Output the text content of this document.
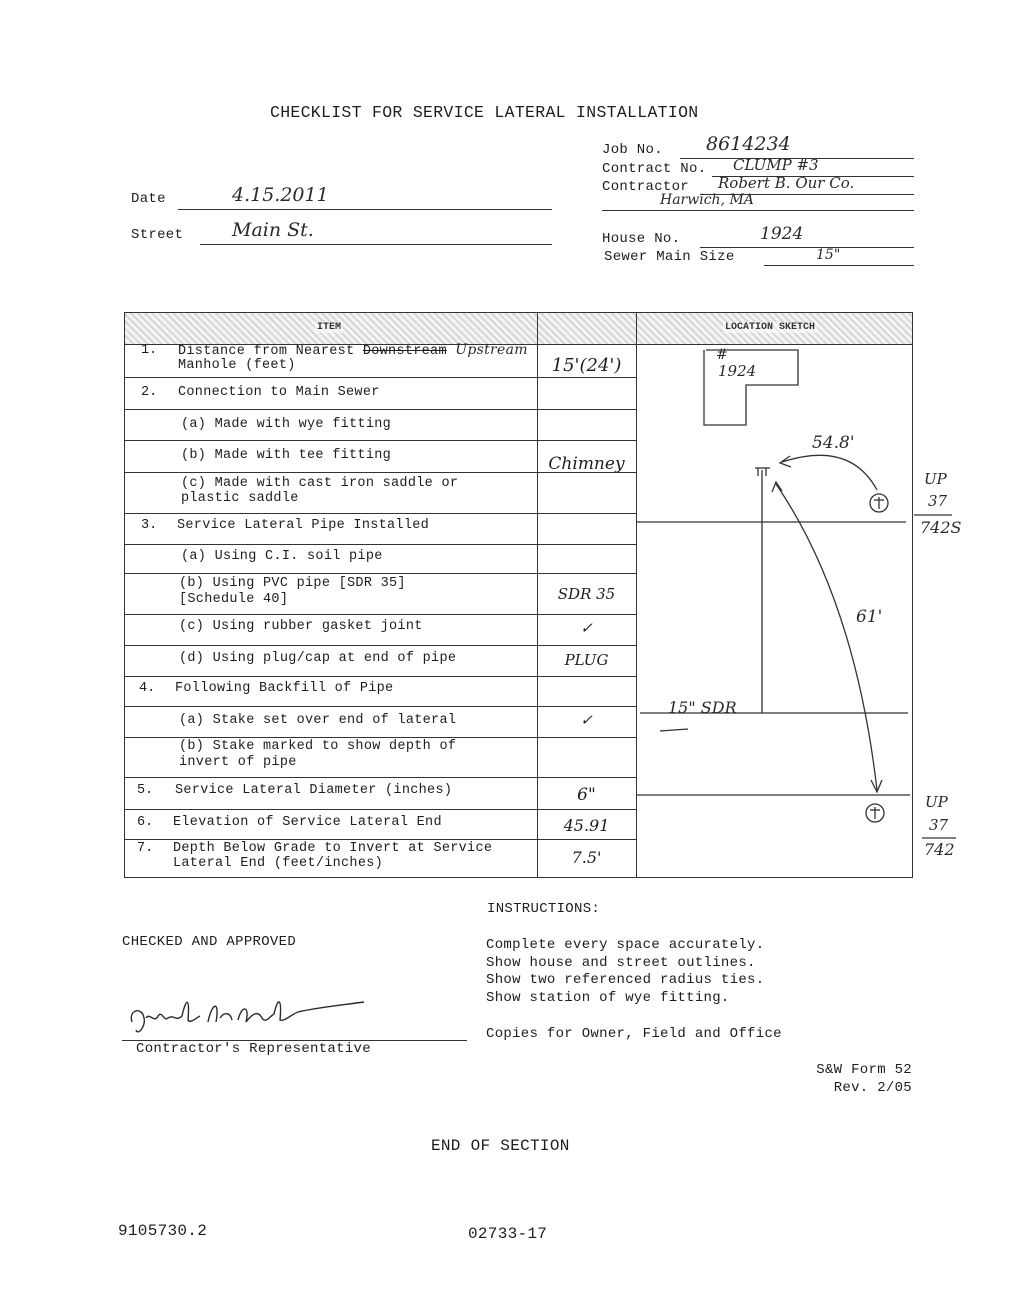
CHECKLIST FOR SERVICE LATERAL INSTALLATION
Job No. 8614234
Contract No. CLUMP #3
Contractor Robert B. Our Co.
Harwich, MA
House No.	1924
Sewer Main Size	15"
Date	4.15.2011
Street	Main St.
ITEM	LOCATION SKETCH
1. Distance from Nearest Downstream Upstream
Manhole (feet)	15'(24')
2. Connection to Main Sewer
(a) Made with wye fitting
(b) Made with tee fitting	Chimney
(c) Made with cast iron saddle or
plastic saddle
3. Service Lateral Pipe Installed
(a) Using C.I. soil pipe
(b) Using PVC pipe [SDR 35]
[Schedule 40]	SDR 35
(c) Using rubber gasket joint	✓
(d) Using plug/cap at end of pipe	PLUG
4. Following Backfill of Pipe
(a) Stake set over end of lateral	✓
(b) Stake marked to show depth of
invert of pipe
5. Service Lateral Diameter (inches)	6"
6. Elevation of Service Lateral End	45.91
7. Depth Below Grade to Invert at Service
Lateral End (feet/inches)	7.5'
#
1924
54.8'
61'
15" SDR
UP
37
742S
UP
37
742
INSTRUCTIONS:
Complete every space accurately.
Show house and street outlines.
Show two referenced radius ties.
Show station of wye fitting.
Copies for Owner, Field and Office
CHECKED AND APPROVED
Contractor's Representative
S&W Form 52
Rev. 2/05
END OF SECTION
9105730.2	02733-17
